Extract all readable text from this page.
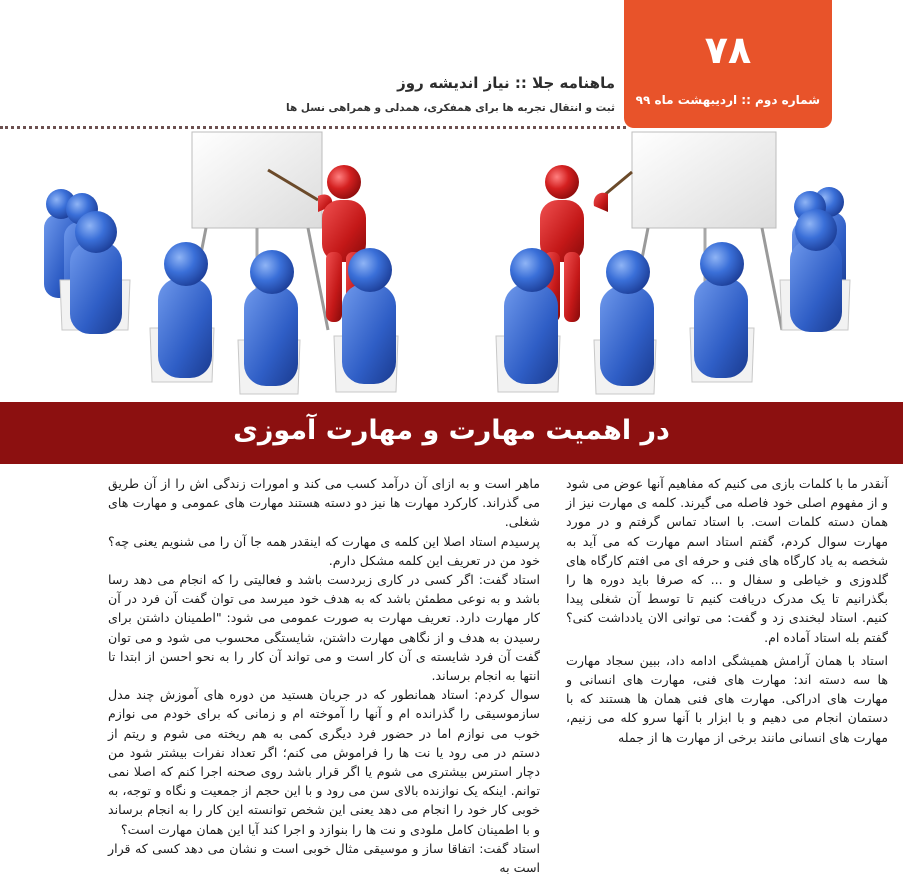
۷۸
شماره دوم :: اردیبهشت ماه ۹۹
ماهنامه جلا :: نیاز اندیشه روز
ثبت و انتقال تجربه ها برای همفکری، همدلی و همراهی نسل ها
در اهمیت مهارت و مهارت آموزی

آنقدر ما با کلمات بازی می کنیم که مفاهیم آنها عوض می شود و از مفهوم اصلی خود فاصله می گیرند. کلمه ی مهارت نیز از همان دسته کلمات است. با استاد تماس گرفتم و در مورد مهارت سوال کردم، گفتم استاد اسم مهارت که می آید به شخصه به یاد کارگاه های فنی و حرفه ای می افتم کارگاه های گلدوزی و خیاطی و سفال و ... که صرفا باید دوره ها را بگذرانیم تا یک مدرک دریافت کنیم تا توسط آن شغلی پیدا کنیم. استاد لبخندی زد و گفت: می توانی الان یادداشت کنی؟ گفتم بله استاد آماده ام.

استاد با همان آرامش همیشگی ادامه داد، ببین سجاد مهارت ها سه دسته اند: مهارت های فنی، مهارت های انسانی و مهارت های ادراکی. مهارت های فنی همان ها هستند که با دستمان انجام می دهیم و با ابزار با آنها سرو کله می زنیم، مهارت های انسانی مانند برخی از مهارت ها از جمله

ماهر است و به ازای آن درآمد کسب می کند و امورات زندگی اش را از آن طریق می گذراند. کارکرد مهارت ها نیز دو دسته هستند مهارت های عمومی و مهارت های شغلی.

پرسیدم استاد اصلا این کلمه ی مهارت که اینقدر همه جا آن را می شنویم یعنی چه؟ خود من در تعریف این کلمه مشکل دارم.

استاد گفت: اگر کسی در کاری زبردست باشد و فعالیتی را که انجام می دهد رسا باشد و به نوعی مطمئن باشد که به هدف خود میرسد می توان گفت آن فرد در آن کار مهارت دارد. تعریف مهارت به صورت عمومی می شود: "اطمینان داشتن برای رسیدن به هدف و از نگاهی مهارت داشتن، شایستگی محسوب می شود و می توان گفت آن فرد شایسته ی آن کار است و می تواند آن کار را به نحو احسن از ابتدا تا انتها به انجام برساند.

سوال کردم: استاد همانطور که در جریان هستید من دوره های آموزش چند مدل سازموسیقی را گذرانده ام و آنها را آموخته ام و زمانی که برای خودم می نوازم خوب می نوازم اما در حضور فرد دیگری کمی به هم ریخته می شوم و ریتم از دستم در می رود یا نت ها را فراموش می کنم؛ اگر تعداد نفرات بیشتر شود من دچار استرس بیشتری می شوم یا اگر قرار باشد روی صحنه اجرا کنم که اصلا نمی توانم. اینکه یک نوازنده بالای سن می رود و با این حجم از جمعیت و نگاه و توجه، به خوبی کار خود را انجام می دهد یعنی این شخص توانسته این کار را به انجام برساند و با اطمینان کامل ملودی و نت ها را بنوازد و اجرا کند آیا این همان مهارت است؟

استاد گفت: اتفاقا ساز و موسیقی مثال خوبی است و نشان می دهد کسی که قرار است به
